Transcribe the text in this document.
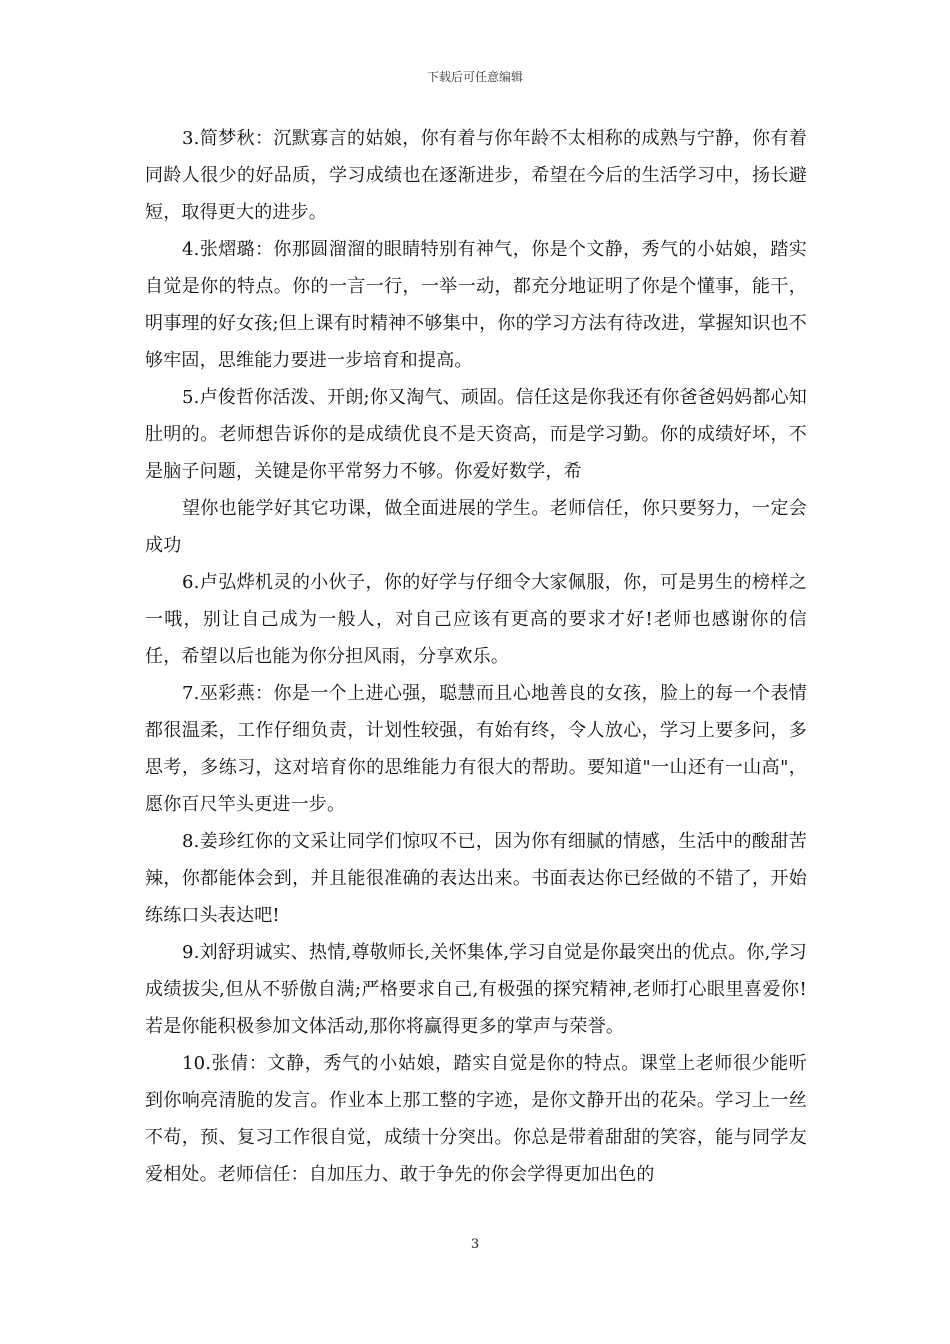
下载后可任意编辑

3.简梦秋：沉默寡言的姑娘，你有着与你年龄不太相称的成熟与宁静，你有着同龄人很少的好品质，学习成绩也在逐渐进步，希望在今后的生活学习中，扬长避短，取得更大的进步。

4.张熠璐：你那圆溜溜的眼睛特别有神气，你是个文静，秀气的小姑娘，踏实自觉是你的特点。你的一言一行，一举一动，都充分地证明了你是个懂事，能干，明事理的好女孩;但上课有时精神不够集中，你的学习方法有待改进，掌握知识也不够牢固，思维能力要进一步培育和提高。

5.卢俊哲你活泼、开朗;你又淘气、顽固。信任这是你我还有你爸爸妈妈都心知肚明的。老师想告诉你的是成绩优良不是天资高，而是学习勤。你的成绩好坏，不是脑子问题，关键是你平常努力不够。你爱好数学，希

望你也能学好其它功课，做全面进展的学生。老师信任，你只要努力，一定会成功

6.卢弘烨机灵的小伙子，你的好学与仔细令大家佩服，你，可是男生的榜样之一哦，别让自己成为一般人，对自己应该有更高的要求才好!老师也感谢你的信任，希望以后也能为你分担风雨，分享欢乐。

7.巫彩燕：你是一个上进心强，聪慧而且心地善良的女孩，脸上的每一个表情都很温柔，工作仔细负责，计划性较强，有始有终，令人放心，学习上要多问，多思考，多练习，这对培育你的思维能力有很大的帮助。要知道"一山还有一山高"，愿你百尺竿头更进一步。

8.姜珍红你的文采让同学们惊叹不已，因为你有细腻的情感，生活中的酸甜苦辣，你都能体会到，并且能很准确的表达出来。书面表达你已经做的不错了，开始练练口头表达吧!

9.刘舒玥诚实、热情,尊敬师长,关怀集体,学习自觉是你最突出的优点。你,学习成绩拔尖,但从不骄傲自满;严格要求自己,有极强的探究精神,老师打心眼里喜爱你!若是你能积极参加文体活动,那你将赢得更多的掌声与荣誉。

10.张倩：文静，秀气的小姑娘，踏实自觉是你的特点。课堂上老师很少能听到你响亮清脆的发言。作业本上那工整的字迹，是你文静开出的花朵。学习上一丝不苟，预、复习工作很自觉，成绩十分突出。你总是带着甜甜的笑容，能与同学友爱相处。老师信任：自加压力、敢于争先的你会学得更加出色的

3
